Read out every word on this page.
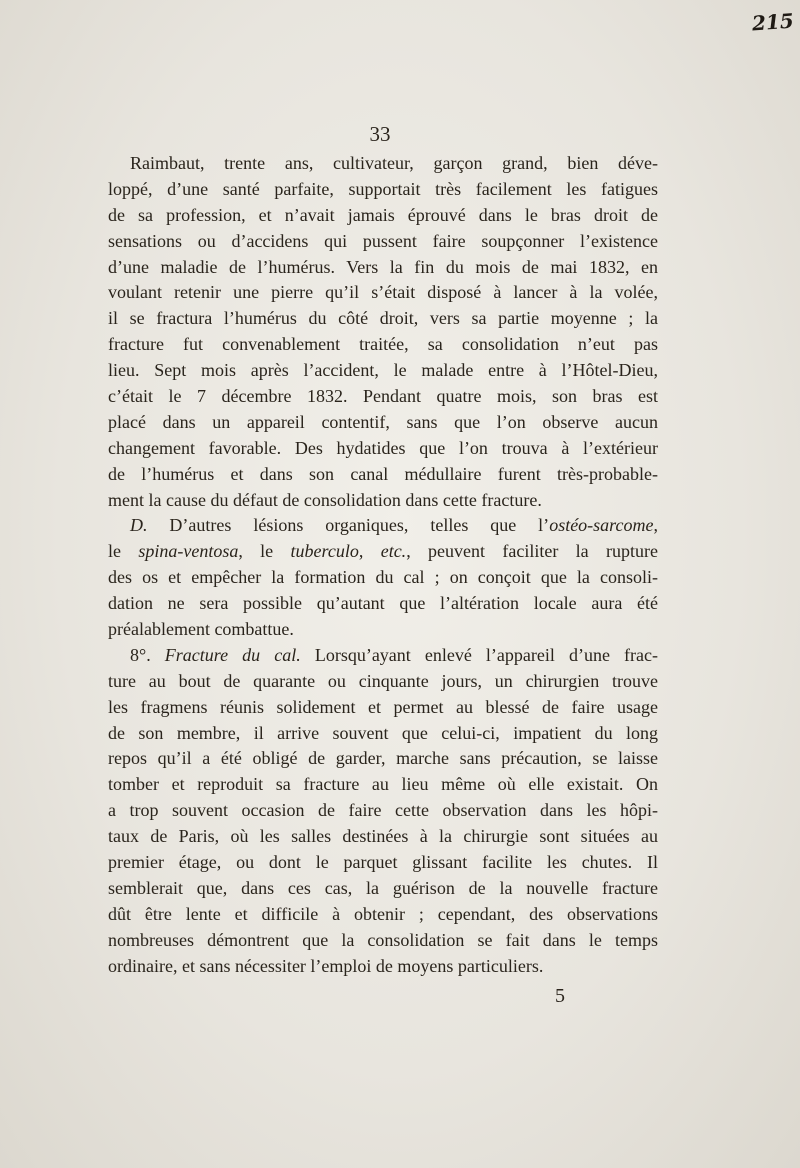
215
33
Raimbaut, trente ans, cultivateur, garçon grand, bien déve-
loppé, d’une santé parfaite, supportait très facilement les fatigues
de sa profession, et n’avait jamais éprouvé dans le bras droit de
sensations ou d’accidens qui pussent faire soupçonner l’existence
d’une maladie de l’humérus. Vers la fin du mois de mai 1832, en
voulant retenir une pierre qu’il s’était disposé à lancer à la volée,
il se fractura l’humérus du côté droit, vers sa partie moyenne ; la
fracture fut convenablement traitée, sa consolidation n’eut pas
lieu. Sept mois après l’accident, le malade entre à l’Hôtel-Dieu,
c’était le 7 décembre 1832. Pendant quatre mois, son bras est
placé dans un appareil contentif, sans que l’on observe aucun
changement favorable. Des hydatides que l’on trouva à l’extérieur
de l’humérus et dans son canal médullaire furent très-probable-
ment la cause du défaut de consolidation dans cette fracture.
D. D’autres lésions organiques, telles que l’ostéo-sarcome,
le spina-ventosa, le tuberculo, etc., peuvent faciliter la rupture
des os et empêcher la formation du cal ; on conçoit que la consoli-
dation ne sera possible qu’autant que l’altération locale aura été
préalablement combattue.
8°. Fracture du cal. Lorsqu’ayant enlevé l’appareil d’une frac-
ture au bout de quarante ou cinquante jours, un chirurgien trouve
les fragmens réunis solidement et permet au blessé de faire usage
de son membre, il arrive souvent que celui-ci, impatient du long
repos qu’il a été obligé de garder, marche sans précaution, se laisse
tomber et reproduit sa fracture au lieu même où elle existait. On
a trop souvent occasion de faire cette observation dans les hôpi-
taux de Paris, où les salles destinées à la chirurgie sont situées au
premier étage, ou dont le parquet glissant facilite les chutes. Il
semblerait que, dans ces cas, la guérison de la nouvelle fracture
dût être lente et difficile à obtenir ; cependant, des observations
nombreuses démontrent que la consolidation se fait dans le temps
ordinaire, et sans nécessiter l’emploi de moyens particuliers.
5
